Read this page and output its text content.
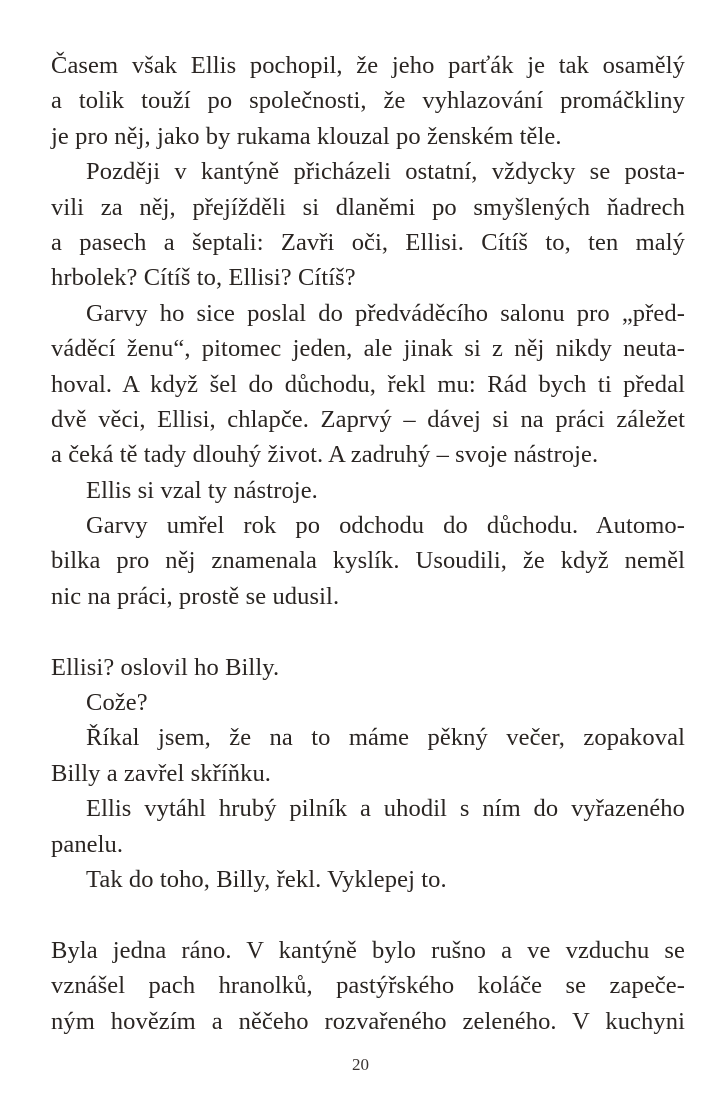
Časem však Ellis pochopil, že jeho parťák je tak osamělý
a tolik touží po společnosti, že vyhlazování promáčkliny
je pro něj, jako by rukama klouzal po ženském těle.
Později v kantýně přicházeli ostatní, vždycky se posta-
vili za něj, přejížděli si dlaněmi po smyšlených ňadrech
a pasech a šeptali: Zavři oči, Ellisi. Cítíš to, ten malý
hrbolek? Cítíš to, Ellisi? Cítíš?
Garvy ho sice poslal do předváděcího salonu pro „před-
váděcí ženu“, pitomec jeden, ale jinak si z něj nikdy neuta-
hoval. A když šel do důchodu, řekl mu: Rád bych ti předal
dvě věci, Ellisi, chlapče. Zaprvý – dávej si na práci záležet
a čeká tě tady dlouhý život. A zadruhý – svoje nástroje.
Ellis si vzal ty nástroje.
Garvy umřel rok po odchodu do důchodu. Automo-
bilka pro něj znamenala kyslík. Usoudili, že když neměl
nic na práci, prostě se udusil.
Ellisi? oslovil ho Billy.
Cože?
Říkal jsem, že na to máme pěkný večer, zopakoval
Billy a zavřel skříňku.
Ellis vytáhl hrubý pilník a uhodil s ním do vyřazeného
panelu.
Tak do toho, Billy, řekl. Vyklepej to.
Byla jedna ráno. V kantýně bylo rušno a ve vzduchu se
vznášel pach hranolků, pastýřského koláče se zapeče-
ným hovězím a něčeho rozvařeného zeleného. V kuchyni
20
